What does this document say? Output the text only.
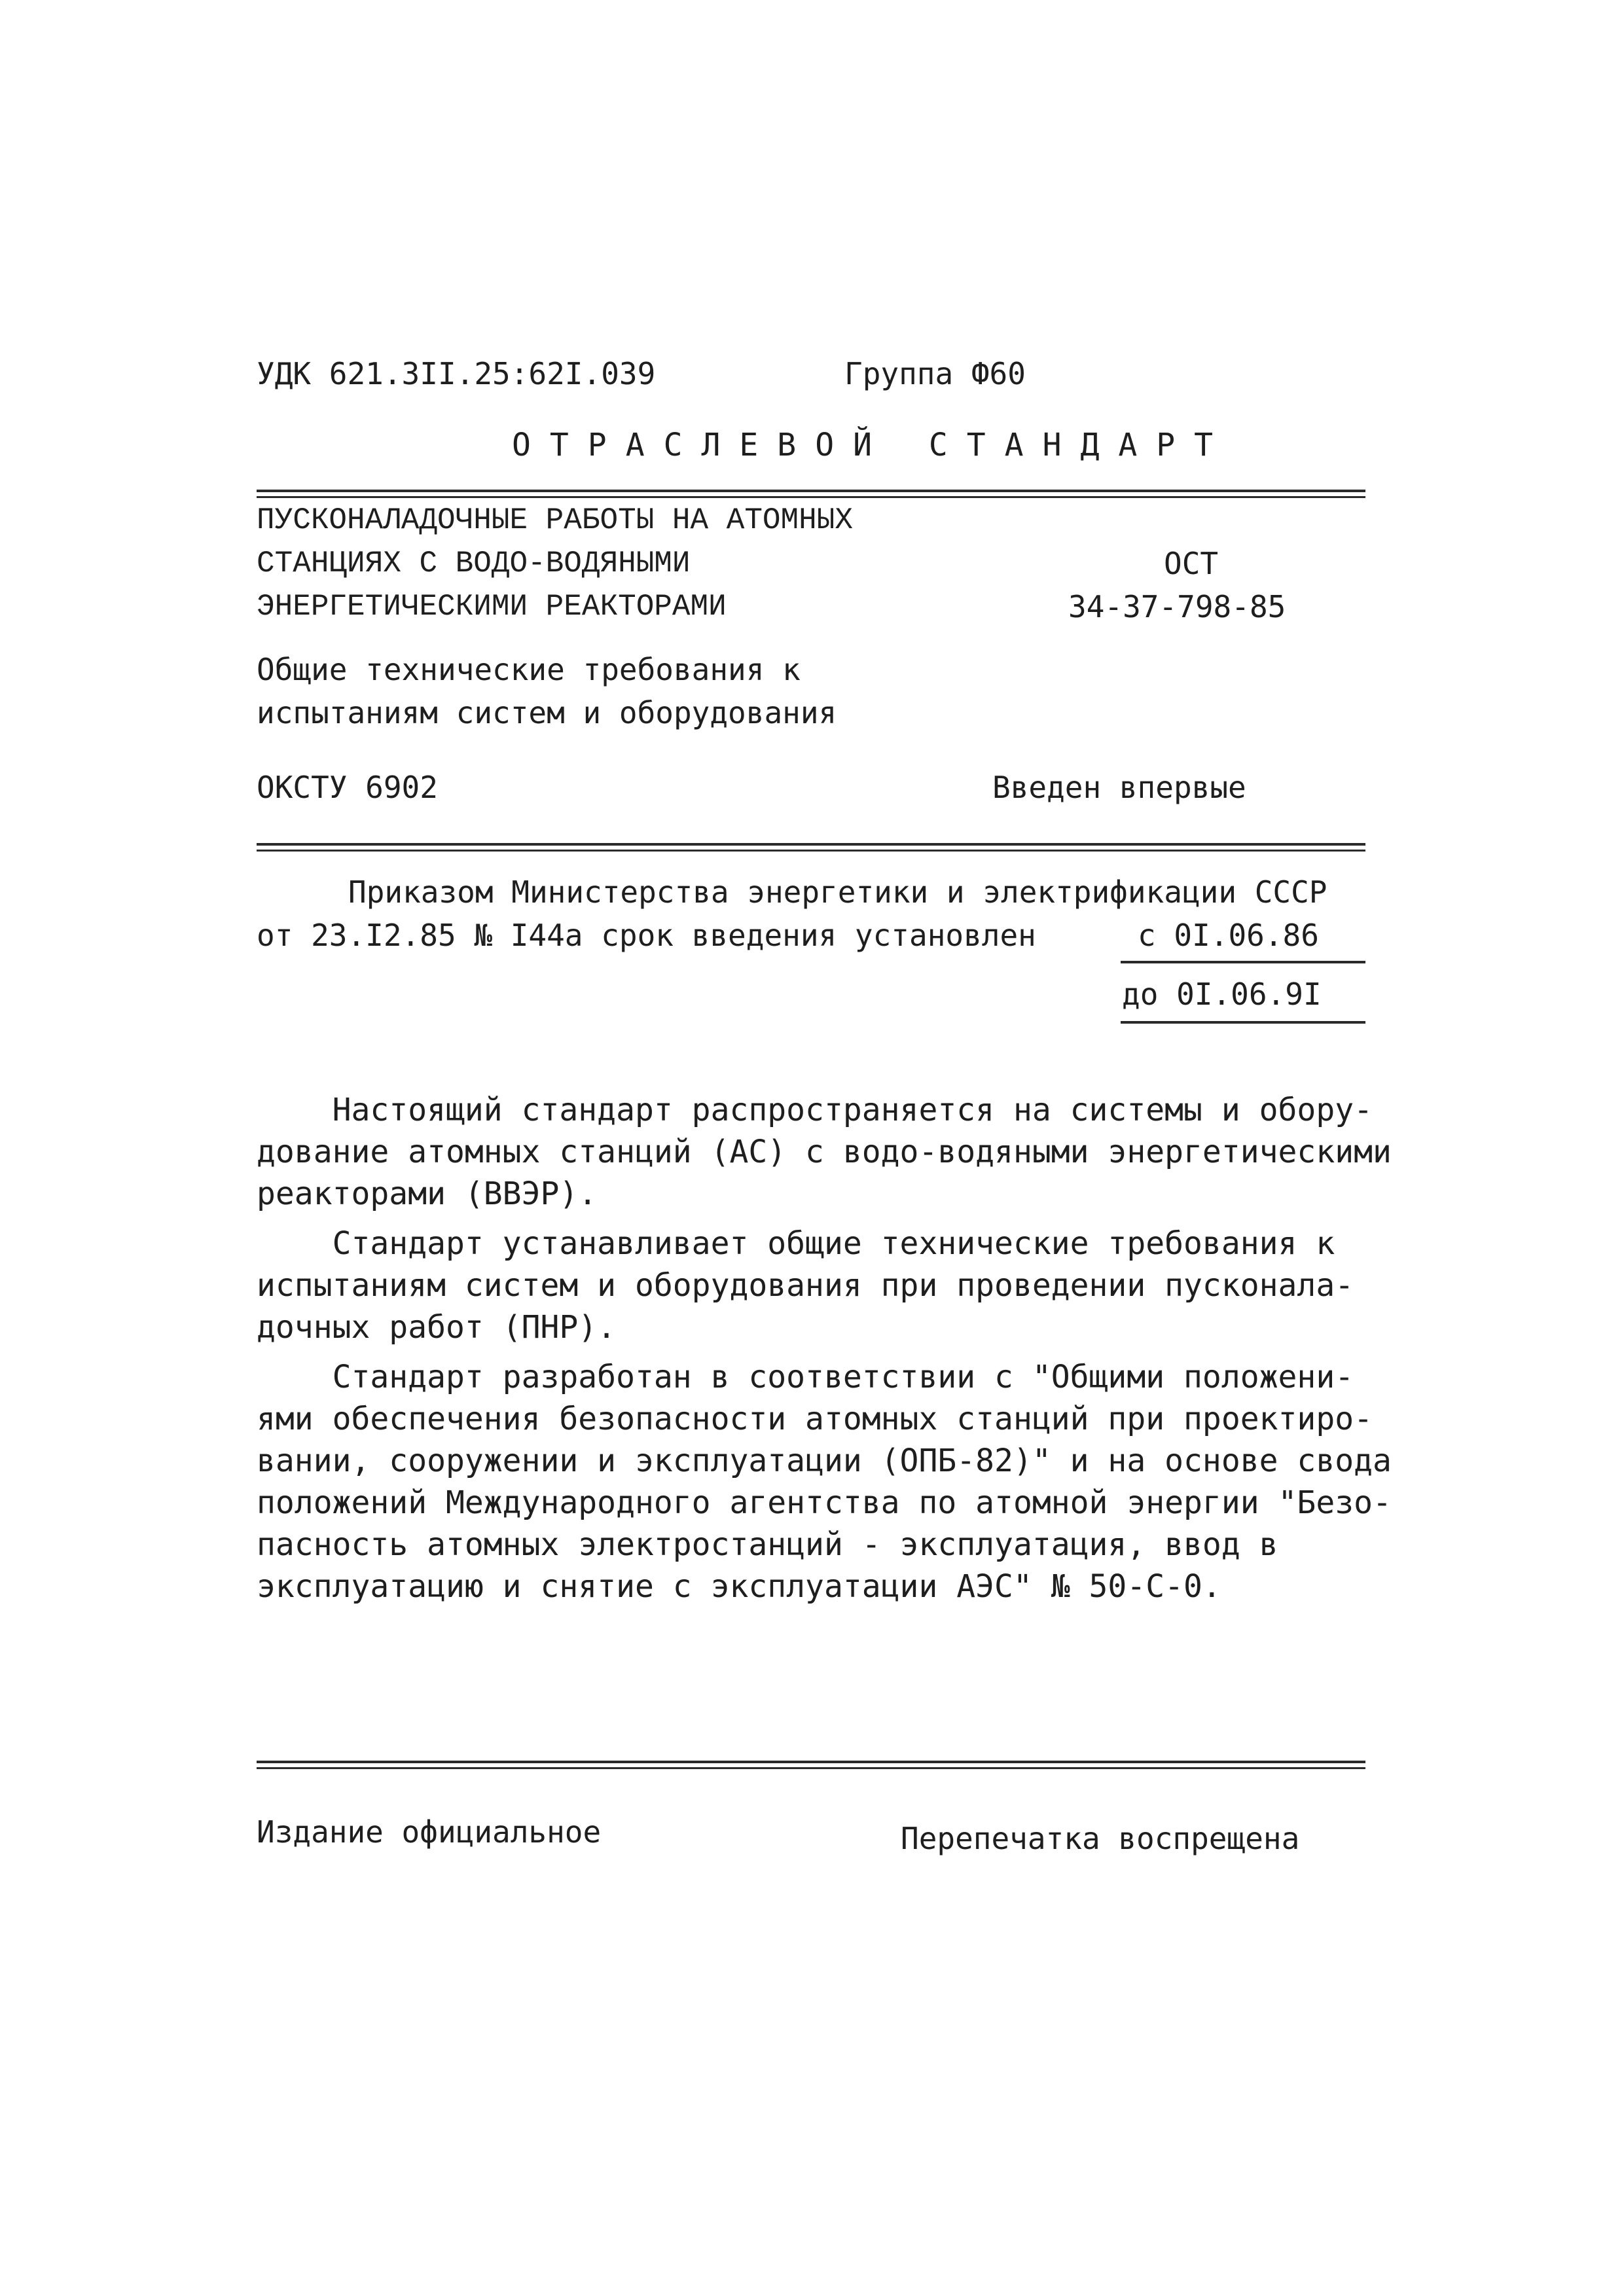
УДК 621.3II.25:62I.039	Группа Ф60
ОТРАСЛЕВОЙ СТАНДАРТ
ПУСКОНАЛАДОЧНЫЕ РАБОТЫ НА АТОМНЫХ
СТАНЦИЯХ С ВОДО-ВОДЯНЫМИ
ЭНЕРГЕТИЧЕСКИМИ РЕАКТОРАМИ
ОСТ
34-37-798-85
Общие технические требования к
испытаниям систем и оборудования
ОКСТУ 6902	Введен впервые
Приказом Министерства энергетики и электрификации СССР
от 23.I2.85 № I44a срок введения установлен	с 0I.06.86
до 0I.06.9I
Настоящий стандарт распространяется на системы и обору-
дование атомных станций (АС) с водо-водяными энергетическими
реакторами (ВВЭР).
Стандарт устанавливает общие технические требования к
испытаниям систем и оборудования при проведении пусконала-
дочных работ (ПНР).
Стандарт разработан в соответствии с "Общими положени-
ями обеспечения безопасности атомных станций при проектиро-
вании, сооружении и эксплуатации (ОПБ-82)" и на основе свода
положений Международного агентства по атомной энергии "Безо-
пасность атомных электростанций - эксплуатация, ввод в
эксплуатацию и снятие с эксплуатации АЭС" № 50-С-0.
Издание официальное	Перепечатка воспрещена
